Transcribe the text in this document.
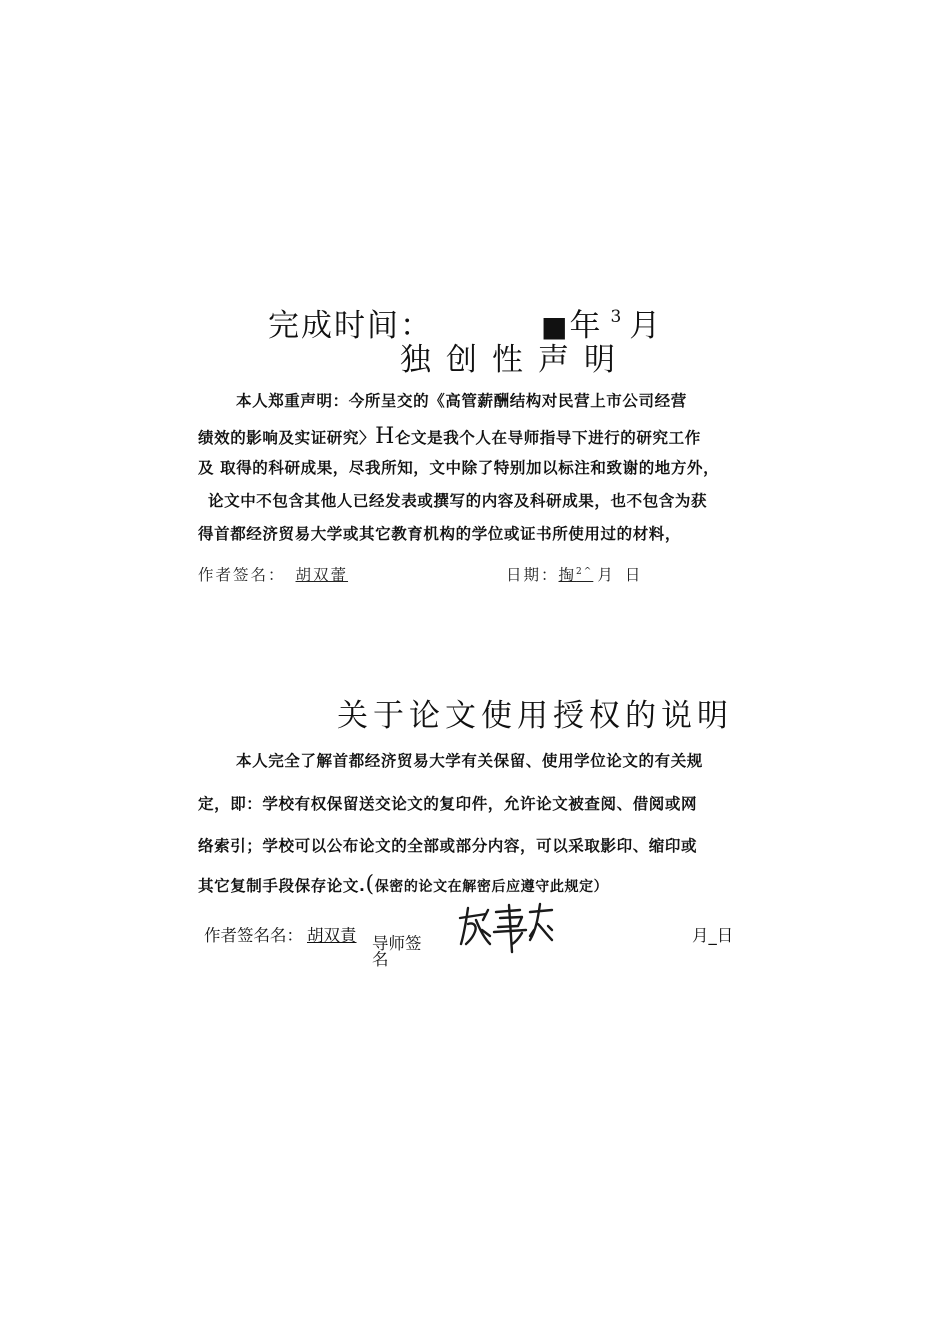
完成时间：	■年 $^3$ 月
独创性声明
本人郑重声明：今所呈交的《高管薪酬结构对民营上市公司经营
绩效的影响及实证研究〉H仑文是我个人在导师指导下进行的研究工作
及 取得的科研成果，尽我所知，文中除了特别加以标注和致谢的地方外，
论文中不包含其他人已经发表或撰写的内容及科研成果，也不包含为获
得首都经济贸易大学或其它教育机构的学位或证书所使用过的材料，
作者签名： 胡双蕾	日期：掏$^{2\^{}}$ 月 日
关于论文使用授权的说明
本人完全了解首都经济贸易大学有关保留、使用学位论文的有关规
定，即：学校有权保留送交论文的复印件，允许论文被查阅、借阅或网
络索引；学校可以公布论文的全部或部分内容，可以采取影印、缩印或
其它复制手段保存论文.(保密的论文在解密后应遵守此规定）
作者签名名： 胡双責 导师签
名
月_日
